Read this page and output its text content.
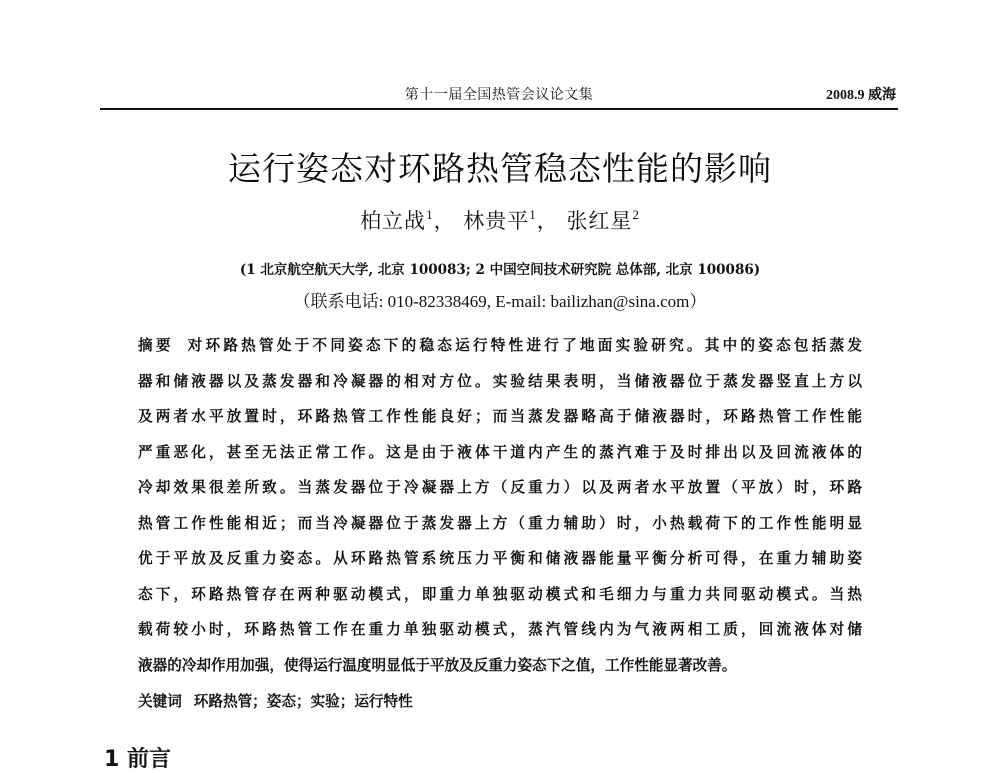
第十一届全国热管会议论文集	2008.9 威海
运行姿态对环路热管稳态性能的影响
柏立战$^1$， 林贵平$^1$， 张红星$^2$
(1 北京航空航天大学, 北京 100083; 2 中国空间技术研究院 总体部, 北京 100086)
（联系电话: 010-82338469, E-mail: bailizhan@sina.com）
摘要 对环路热管处于不同姿态下的稳态运行特性进行了地面实验研究。其中的姿态包括蒸发
器和储液器以及蒸发器和冷凝器的相对方位。实验结果表明，当储液器位于蒸发器竖直上方以
及两者水平放置时，环路热管工作性能良好；而当蒸发器略高于储液器时，环路热管工作性能
严重恶化，甚至无法正常工作。这是由于液体干道内产生的蒸汽难于及时排出以及回流液体的
冷却效果很差所致。当蒸发器位于冷凝器上方（反重力）以及两者水平放置（平放）时，环路
热管工作性能相近；而当冷凝器位于蒸发器上方（重力辅助）时，小热载荷下的工作性能明显
优于平放及反重力姿态。从环路热管系统压力平衡和储液器能量平衡分析可得，在重力辅助姿
态下，环路热管存在两种驱动模式，即重力单独驱动模式和毛细力与重力共同驱动模式。当热
载荷较小时，环路热管工作在重力单独驱动模式，蒸汽管线内为气液两相工质，回流液体对储
液器的冷却作用加强，使得运行温度明显低于平放及反重力姿态下之值，工作性能显著改善。
关键词 环路热管；姿态；实验；运行特性
1 前言
